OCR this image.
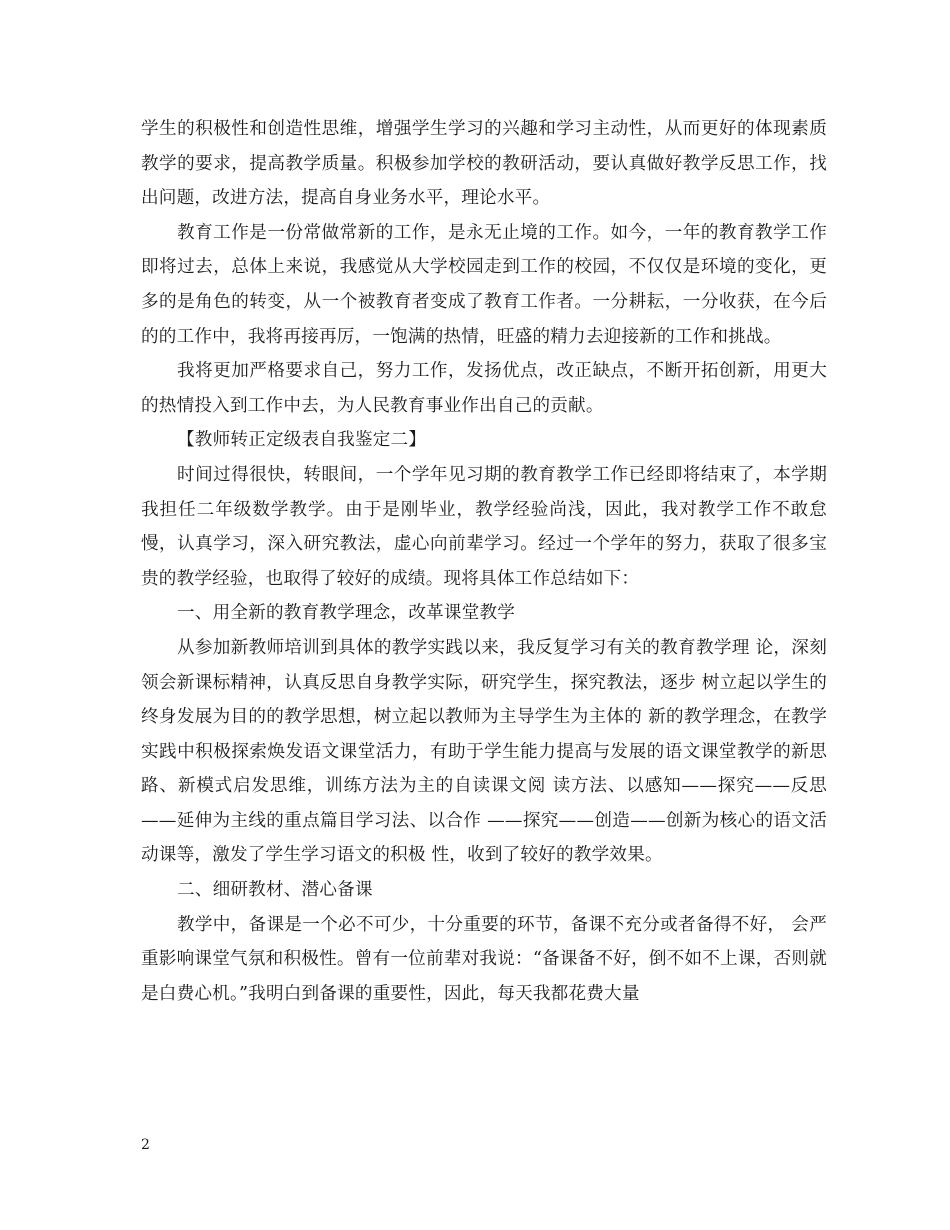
学生的积极性和创造性思维，增强学生学习的兴趣和学习主动性，从而更好的体现素质教学的要求，提高教学质量。积极参加学校的教研活动，要认真做好教学反思工作，找出问题，改进方法，提高自身业务水平，理论水平。

教育工作是一份常做常新的工作，是永无止境的工作。如今，一年的教育教学工作即将过去，总体上来说，我感觉从大学校园走到工作的校园，不仅仅是环境的变化，更多的是角色的转变，从一个被教育者变成了教育工作者。一分耕耘，一分收获，在今后的的工作中，我将再接再厉，一饱满的热情，旺盛的精力去迎接新的工作和挑战。

我将更加严格要求自己，努力工作，发扬优点，改正缺点，不断开拓创新，用更大的热情投入到工作中去，为人民教育事业作出自己的贡献。

【教师转正定级表自我鉴定二】

时间过得很快，转眼间，一个学年见习期的教育教学工作已经即将结束了，本学期我担任二年级数学教学。由于是刚毕业，教学经验尚浅，因此，我对教学工作不敢怠慢，认真学习，深入研究教法，虚心向前辈学习。经过一个学年的努力，获取了很多宝贵的教学经验，也取得了较好的成绩。现将具体工作总结如下：

一、用全新的教育教学理念，改革课堂教学

从参加新教师培训到具体的教学实践以来，我反复学习有关的教育教学理 论，深刻领会新课标精神，认真反思自身教学实际，研究学生，探究教法，逐步 树立起以学生的终身发展为目的的教学思想，树立起以教师为主导学生为主体的 新的教学理念，在教学实践中积极探索焕发语文课堂活力，有助于学生能力提高与发展的语文课堂教学的新思路、新模式启发思维，训练方法为主的自读课文阅 读方法、以感知——探究——反思——延伸为主线的重点篇目学习法、以合作 ——探究——创造——创新为核心的语文活动课等，激发了学生学习语文的积极 性，收到了较好的教学效果。

二、细研教材、潜心备课

教学中，备课是一个必不可少，十分重要的环节，备课不充分或者备得不好， 会严重影响课堂气氛和积极性。曾有一位前辈对我说：“备课备不好，倒不如不上课，否则就是白费心机。”我明白到备课的重要性，因此，每天我都花费大量

2
